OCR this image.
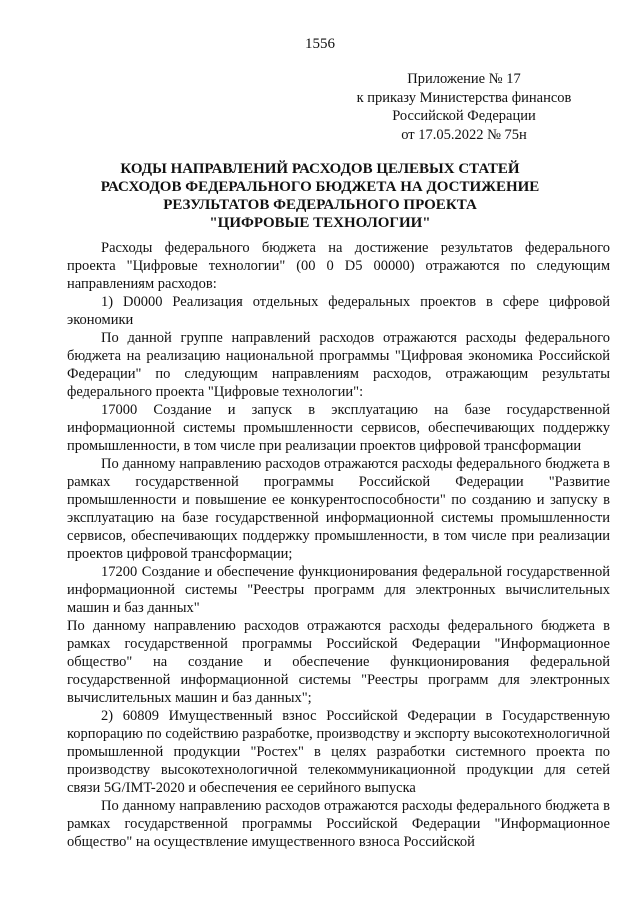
1556
Приложение № 17
к приказу Министерства финансов
Российской Федерации
от 17.05.2022 № 75н
КОДЫ НАПРАВЛЕНИЙ РАСХОДОВ ЦЕЛЕВЫХ СТАТЕЙ
РАСХОДОВ ФЕДЕРАЛЬНОГО БЮДЖЕТА НА ДОСТИЖЕНИЕ
РЕЗУЛЬТАТОВ ФЕДЕРАЛЬНОГО ПРОЕКТА
"ЦИФРОВЫЕ ТЕХНОЛОГИИ"

Расходы федерального бюджета на достижение результатов федерального проекта "Цифровые технологии" (00 0 D5 00000) отражаются по следующим направлениям расходов:

1) D0000 Реализация отдельных федеральных проектов в сфере цифровой экономики

По данной группе направлений расходов отражаются расходы федерального бюджета на реализацию национальной программы "Цифровая экономика Российской Федерации" по следующим направлениям расходов, отражающим результаты федерального проекта "Цифровые технологии":

17000 Создание и запуск в эксплуатацию на базе государственной информационной системы промышленности сервисов, обеспечивающих поддержку промышленности, в том числе при реализации проектов цифровой трансформации

По данному направлению расходов отражаются расходы федерального бюджета в рамках государственной программы Российской Федерации "Развитие промышленности и повышение ее конкурентоспособности" по созданию и запуску в эксплуатацию на базе государственной информационной системы промышленности сервисов, обеспечивающих поддержку промышленности, в том числе при реализации проектов цифровой трансформации;

17200 Создание и обеспечение функционирования федеральной государственной информационной системы "Реестры программ для электронных вычислительных машин и баз данных"

По данному направлению расходов отражаются расходы федерального бюджета в рамках государственной программы Российской Федерации "Информационное общество" на создание и обеспечение функционирования федеральной государственной информационной системы "Реестры программ для электронных вычислительных машин и баз данных";

2) 60809 Имущественный взнос Российской Федерации в Государственную корпорацию по содействию разработке, производству и экспорту высокотехнологичной промышленной продукции "Ростех" в целях разработки системного проекта по производству высокотехнологичной телекоммуникационной продукции для сетей связи 5G/IMT-2020 и обеспечения ее серийного выпуска

По данному направлению расходов отражаются расходы федерального бюджета в рамках государственной программы Российской Федерации "Информационное общество" на осуществление имущественного взноса Российской
